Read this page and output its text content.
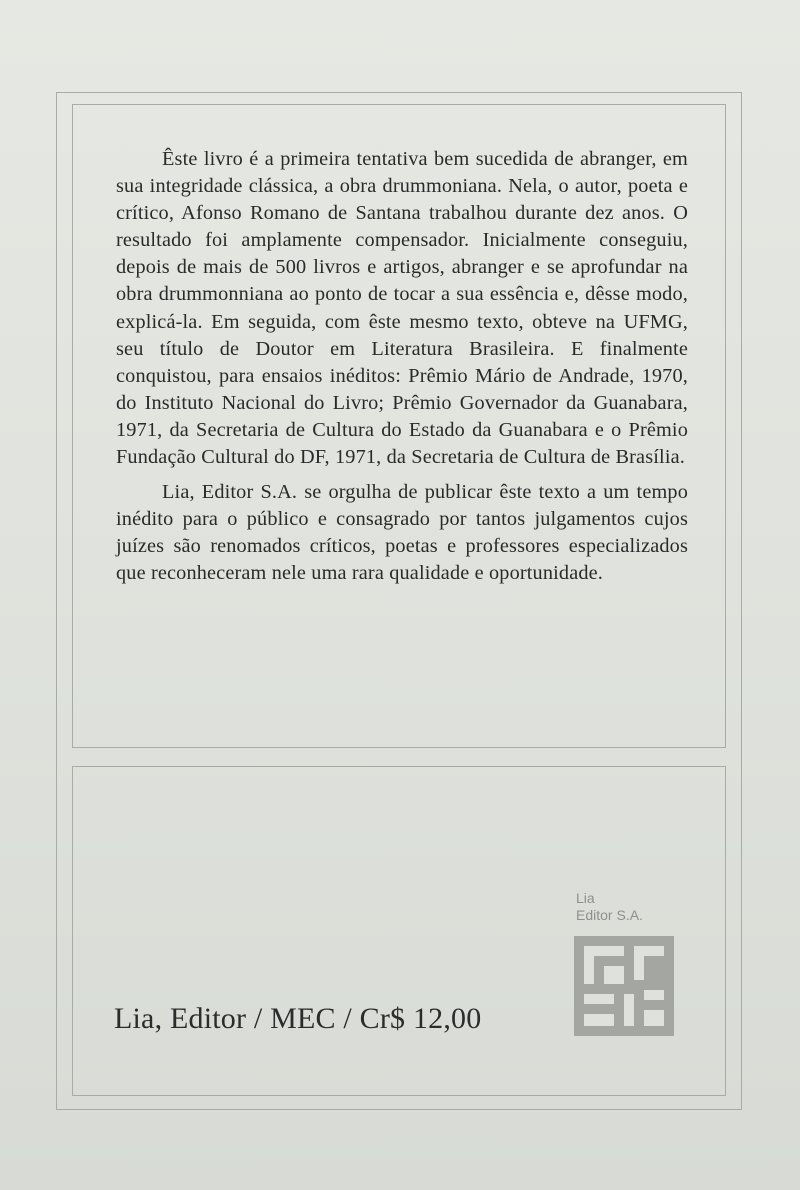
Êste livro é a primeira tentativa bem sucedida de abranger, em sua integridade clássica, a obra drummoniana. Nela, o autor, poeta e crítico, Afonso Romano de Santana trabalhou durante dez anos. O resultado foi amplamente compensador. Inicialmente conseguiu, depois de mais de 500 livros e artigos, abranger e se aprofundar na obra drummonniana ao ponto de tocar a sua essência e, dêsse modo, explicá-la. Em seguida, com êste mesmo texto, obteve na UFMG, seu título de Doutor em Literatura Brasileira. E finalmente conquistou, para ensaios inéditos: Prêmio Mário de Andrade, 1970, do Instituto Nacional do Livro; Prêmio Governador da Guanabara, 1971, da Secretaria de Cultura do Estado da Guanabara e o Prêmio Fundação Cultural do DF, 1971, da Secretaria de Cultura de Brasília.

Lia, Editor S.A. se orgulha de publicar êste texto a um tempo inédito para o público e consagrado por tantos julgamentos cujos juízes são renomados críticos, poetas e professores especializados que reconheceram nele uma rara qualidade e oportunidade.

Lia, Editor / MEC / Cr$ 12,00
Lia
Editor S.A.
